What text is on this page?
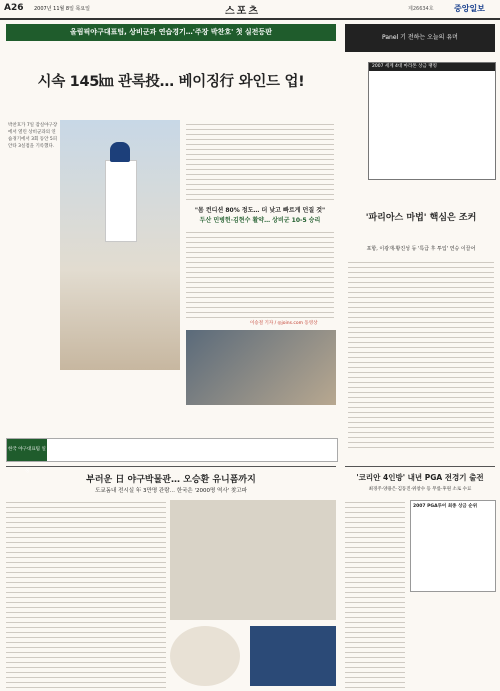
A26 2007년 11월 8일 목요일	스포츠	제26634호	중앙일보
올림픽야구대표팀, 상비군과 연습경기…'주장 박찬호' 첫 실전등판
시속 145㎞ 관록投… 베이징行 와인드 업!
박찬호가 7일 잠실야구장에서 열린 상비군과의 연습경기에서 3회 동안 5피안타 3실점을 기록했다.
"몸 컨디션 80% 정도… 더 낮고 빠르게 던질 것"
두산 민병헌·김현수 활약… 상비군 10-5 승리
이승철 기자 / ◎joins.com 동영상
한국 야구대표팀 일정
부러운 日 야구박물관… 오승환 유니폼까지
도쿄돔내 전시실 年 3만명 관람… 한국은 '2000명 역사' 찾고파
Panel 기 전하는 오늘의 유머
2007 세계 4대 마라톤 상금 랭킹
'파리아스 마법' 핵심은 조커
포항, 이광재·황진성 등 '특급 후 투입' 연승 이끌어
'코리안 4인방' 내년 PGA 전경기 출전
최경주·양용은·김동진·위창수 등 무릎·후원 소로 수료
2007 PGA투어 최종 상금 순위
